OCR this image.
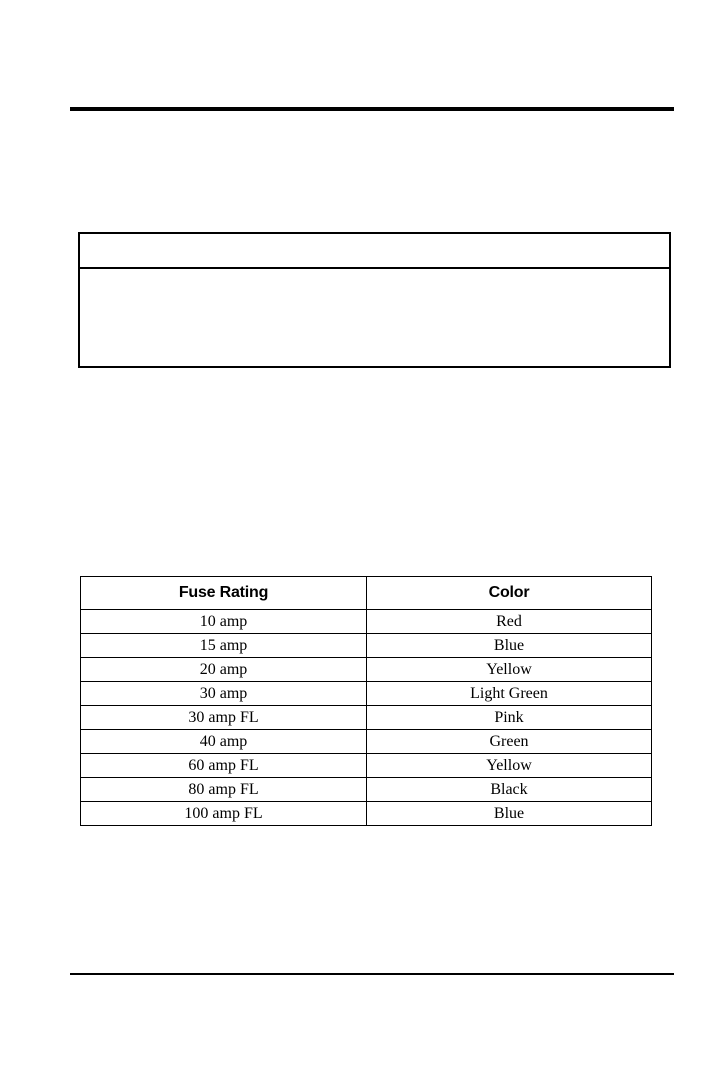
Fuse Rating	Color
10 amp	Red
15 amp	Blue
20 amp	Yellow
30 amp	Light Green
30 amp FL	Pink
40 amp	Green
60 amp FL	Yellow
80 amp FL	Black
100 amp FL	Blue
